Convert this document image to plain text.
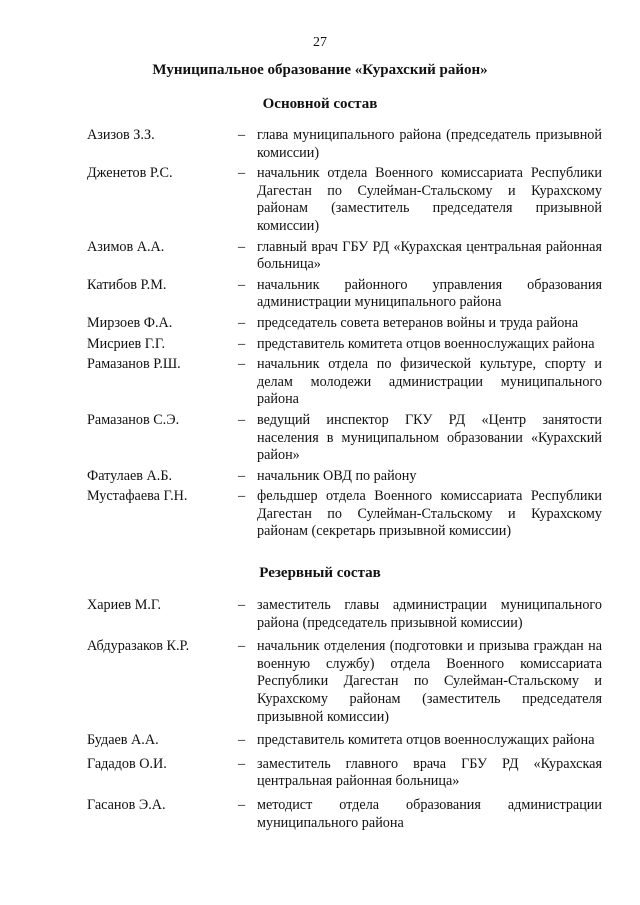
27
Муниципальное образование «Курахский район»
Основной состав
Азизов З.З.	– глава муниципального района (председатель призывной комиссии)
Дженетов Р.С.	– начальник отдела Военного комиссариата Республики Дагестан по Сулейман-Стальскому и Курахскому районам (заместитель председателя призывной комиссии)
Азимов А.А.	– главный врач ГБУ РД «Курахская центральная районная больница»
Катибов Р.М.	– начальник районного управления образования администрации муниципального района
Мирзоев Ф.А.	– председатель совета ветеранов войны и труда района
Мисриев Г.Г.	– представитель комитета отцов военнослужащих района
Рамазанов Р.Ш.	– начальник отдела по физической культуре, спорту и делам молодежи администрации муниципального района
Рамазанов С.Э.	– ведущий инспектор ГКУ РД «Центр занятости населения в муниципальном образовании «Курахский район»
Фатулаев А.Б.	– начальник ОВД по району
Мустафаева Г.Н.	– фельдшер отдела Военного комиссариата Республики Дагестан по Сулейман-Стальскому и Курахскому районам (секретарь призывной комиссии)
Резервный состав
Хариев М.Г.	– заместитель главы администрации муниципального района (председатель призывной комиссии)
Абдуразаков К.Р.	– начальник отделения (подготовки и призыва граждан на военную службу) отдела Военного комиссариата Республики Дагестан по Сулейман-Стальскому и Курахскому районам (заместитель председателя призывной комиссии)
Будаев А.А.	– представитель комитета отцов военнослужащих района
Гададов О.И.	– заместитель главного врача ГБУ РД «Курахская центральная районная больница»
Гасанов Э.А.	– методист отдела образования администрации муниципального района
